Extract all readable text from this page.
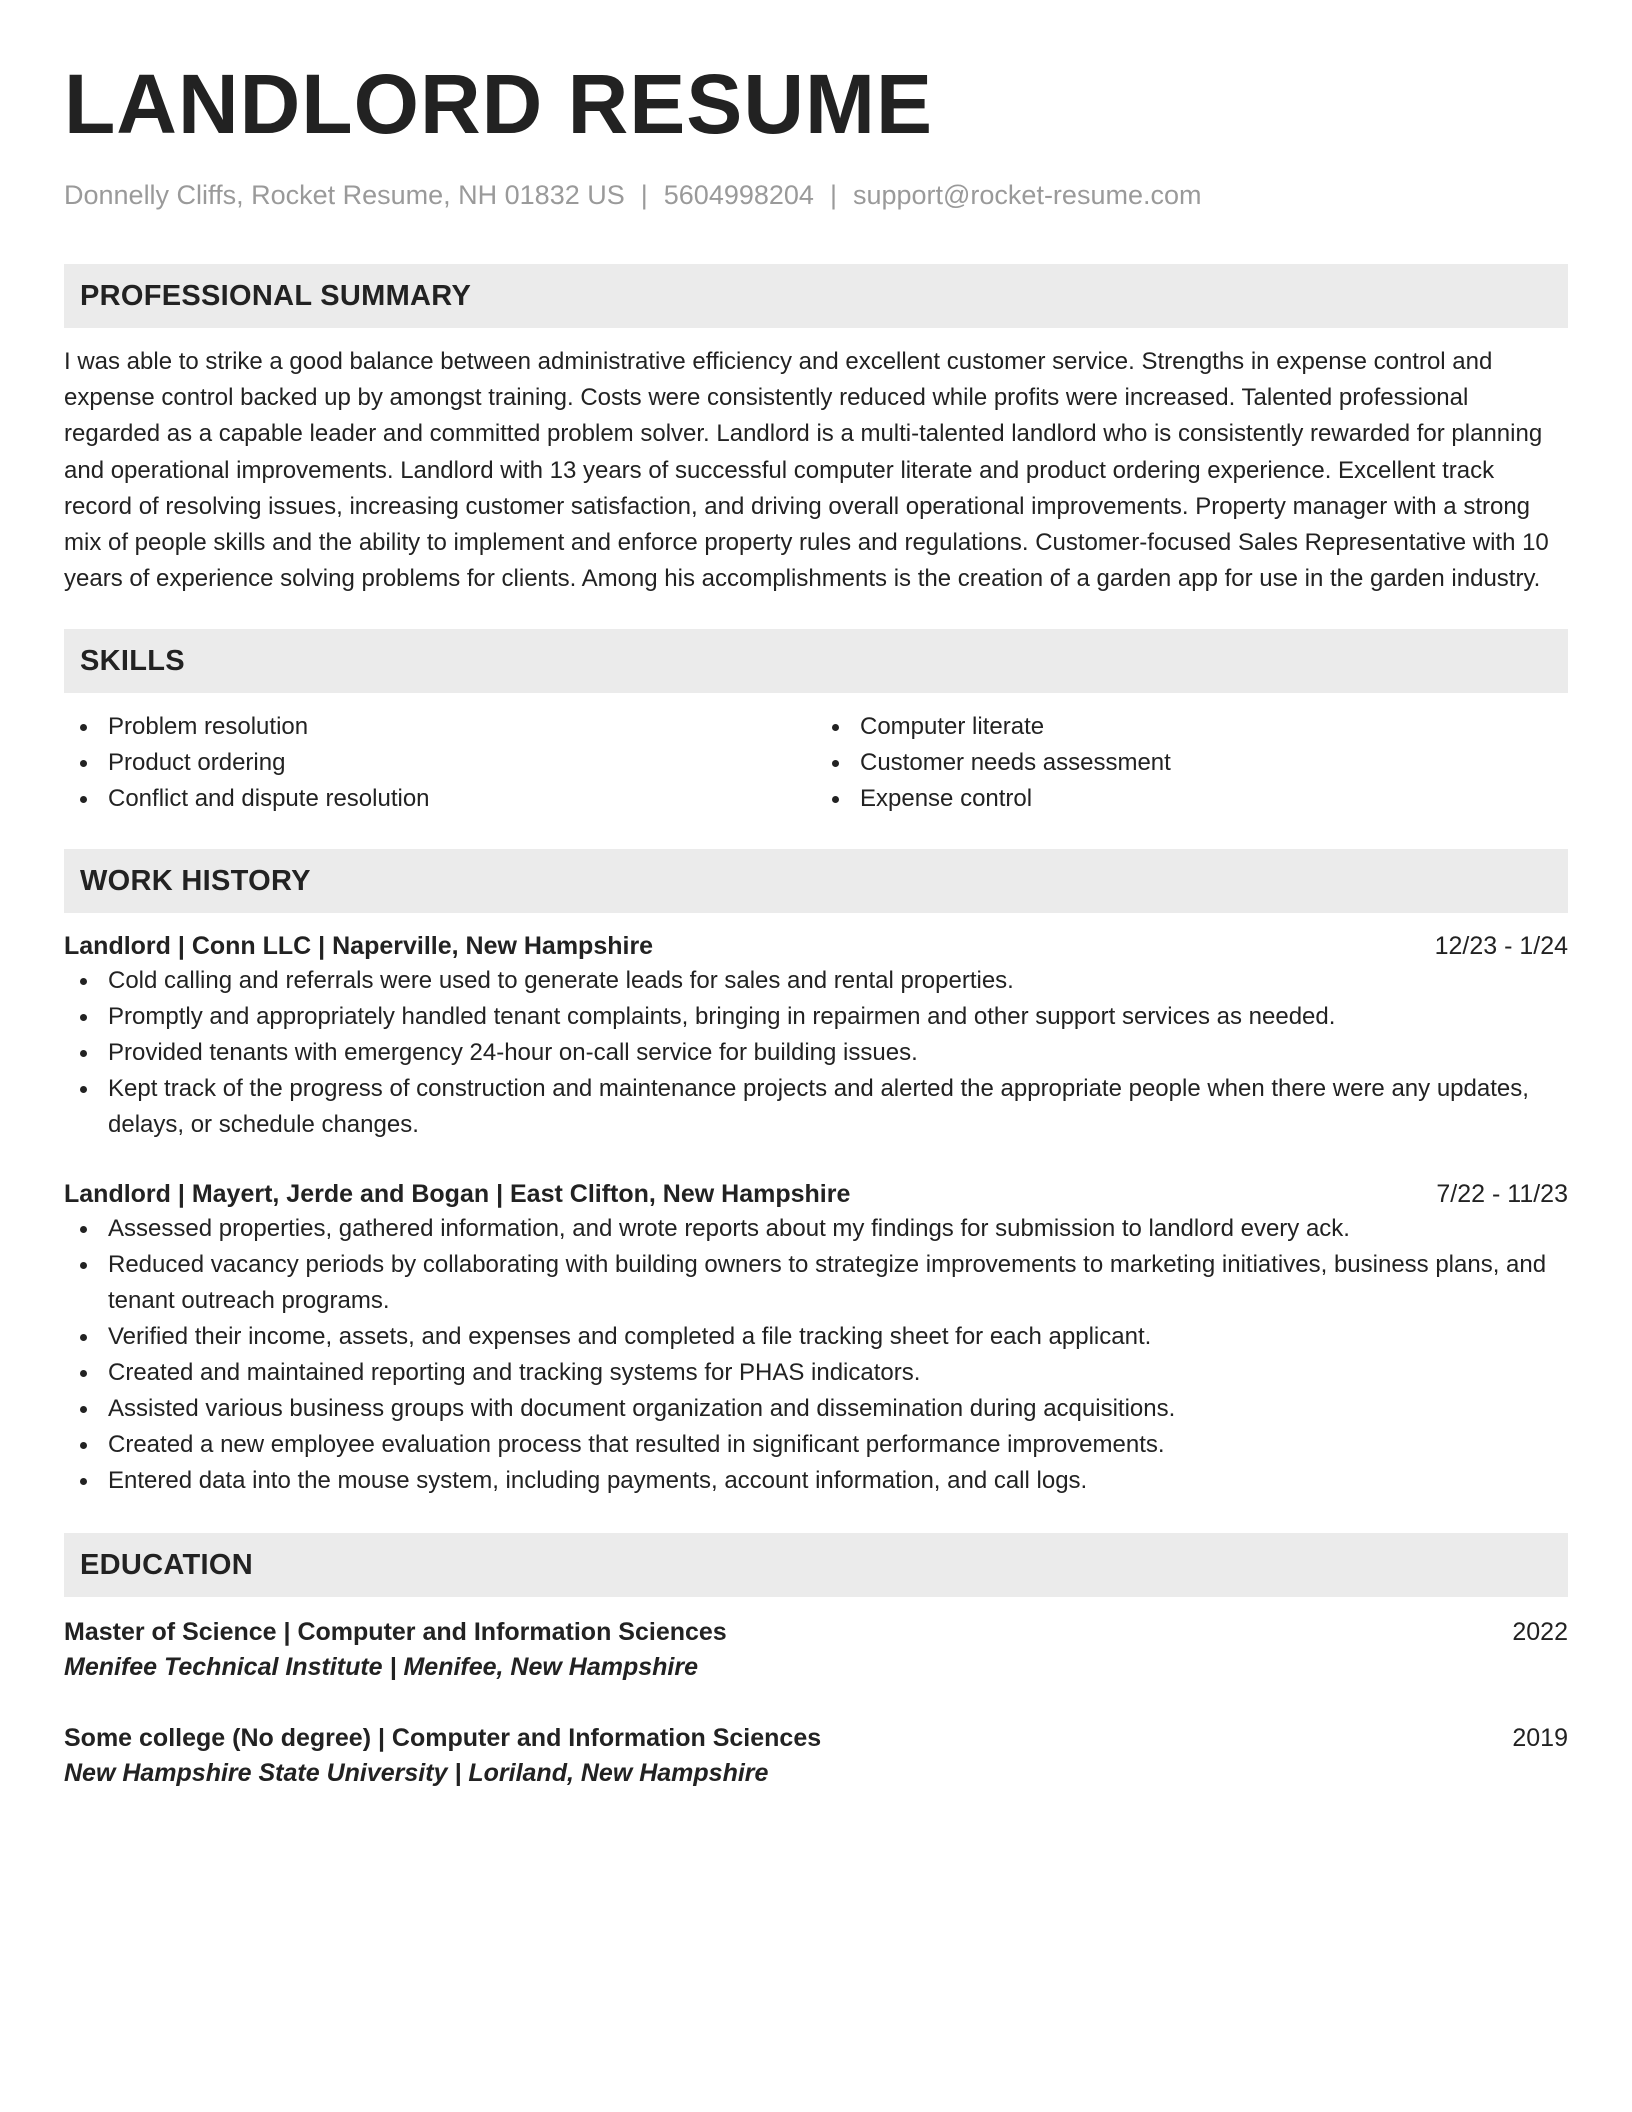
LANDLORD RESUME
Donnelly Cliffs, Rocket Resume, NH 01832 US | 5604998204 | support@rocket-resume.com
PROFESSIONAL SUMMARY

I was able to strike a good balance between administrative efficiency and excellent customer service. Strengths in expense control and expense control backed up by amongst training. Costs were consistently reduced while profits were increased. Talented professional regarded as a capable leader and committed problem solver. Landlord is a multi-talented landlord who is consistently rewarded for planning and operational improvements. Landlord with 13 years of successful computer literate and product ordering experience. Excellent track record of resolving issues, increasing customer satisfaction, and driving overall operational improvements. Property manager with a strong mix of people skills and the ability to implement and enforce property rules and regulations. Customer-focused Sales Representative with 10 years of experience solving problems for clients. Among his accomplishments is the creation of a garden app for use in the garden industry.

SKILLS
Problem resolution
Product ordering
Conflict and dispute resolution
Computer literate
Customer needs assessment
Expense control
WORK HISTORY
Landlord | Conn LLC | Naperville, New Hampshire	12/23 - 1/24
Cold calling and referrals were used to generate leads for sales and rental properties.
Promptly and appropriately handled tenant complaints, bringing in repairmen and other support services as needed.
Provided tenants with emergency 24-hour on-call service for building issues.
Kept track of the progress of construction and maintenance projects and alerted the appropriate people when there were any updates, delays, or schedule changes.
Landlord | Mayert, Jerde and Bogan | East Clifton, New Hampshire	7/22 - 11/23
Assessed properties, gathered information, and wrote reports about my findings for submission to landlord every ack.
Reduced vacancy periods by collaborating with building owners to strategize improvements to marketing initiatives, business plans, and tenant outreach programs.
Verified their income, assets, and expenses and completed a file tracking sheet for each applicant.
Created and maintained reporting and tracking systems for PHAS indicators.
Assisted various business groups with document organization and dissemination during acquisitions.
Created a new employee evaluation process that resulted in significant performance improvements.
Entered data into the mouse system, including payments, account information, and call logs.
EDUCATION
Master of Science | Computer and Information Sciences	2022
Menifee Technical Institute | Menifee, New Hampshire
Some college (No degree) | Computer and Information Sciences	2019
New Hampshire State University | Loriland, New Hampshire
